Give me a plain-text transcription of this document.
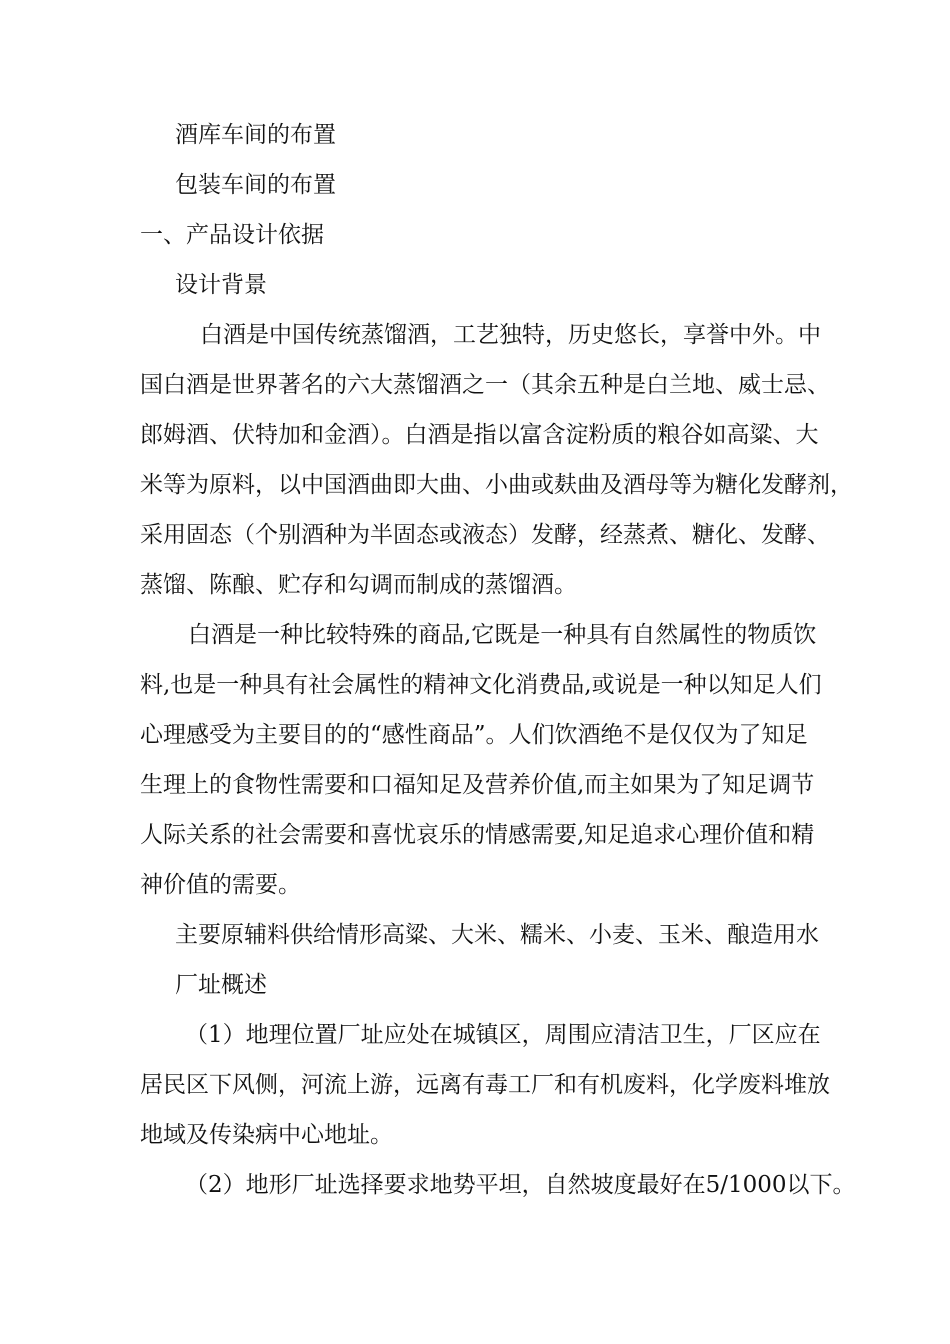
酒库车间的布置
包装车间的布置
一、产品设计依据
设计背景
白酒是中国传统蒸馏酒，工艺独特，历史悠长，享誉中外。中
国白酒是世界著名的六大蒸馏酒之一（其余五种是白兰地、威士忌、
郎姆酒、伏特加和金酒）。白酒是指以富含淀粉质的粮谷如高粱、大
米等为原料，以中国酒曲即大曲、小曲或麸曲及酒母等为糖化发酵剂，
采用固态（个别酒种为半固态或液态）发酵，经蒸煮、糖化、发酵、
蒸馏、陈酿、贮存和勾调而制成的蒸馏酒。
白酒是一种比较特殊的商品,它既是一种具有自然属性的物质饮
料,也是一种具有社会属性的精神文化消费品,或说是一种以知足人们
心理感受为主要目的的“感性商品”。人们饮酒绝不是仅仅为了知足
生理上的食物性需要和口福知足及营养价值,而主如果为了知足调节
人际关系的社会需要和喜忧哀乐的情感需要,知足追求心理价值和精
神价值的需要。
主要原辅料供给情形高粱、大米、糯米、小麦、玉米、酿造用水
厂址概述
（1）地理位置厂址应处在城镇区，周围应清洁卫生，厂区应在
居民区下风侧，河流上游，远离有毒工厂和有机废料，化学废料堆放
地域及传染病中心地址。
（2）地形厂址选择要求地势平坦，自然坡度最好在5/1000以下。
